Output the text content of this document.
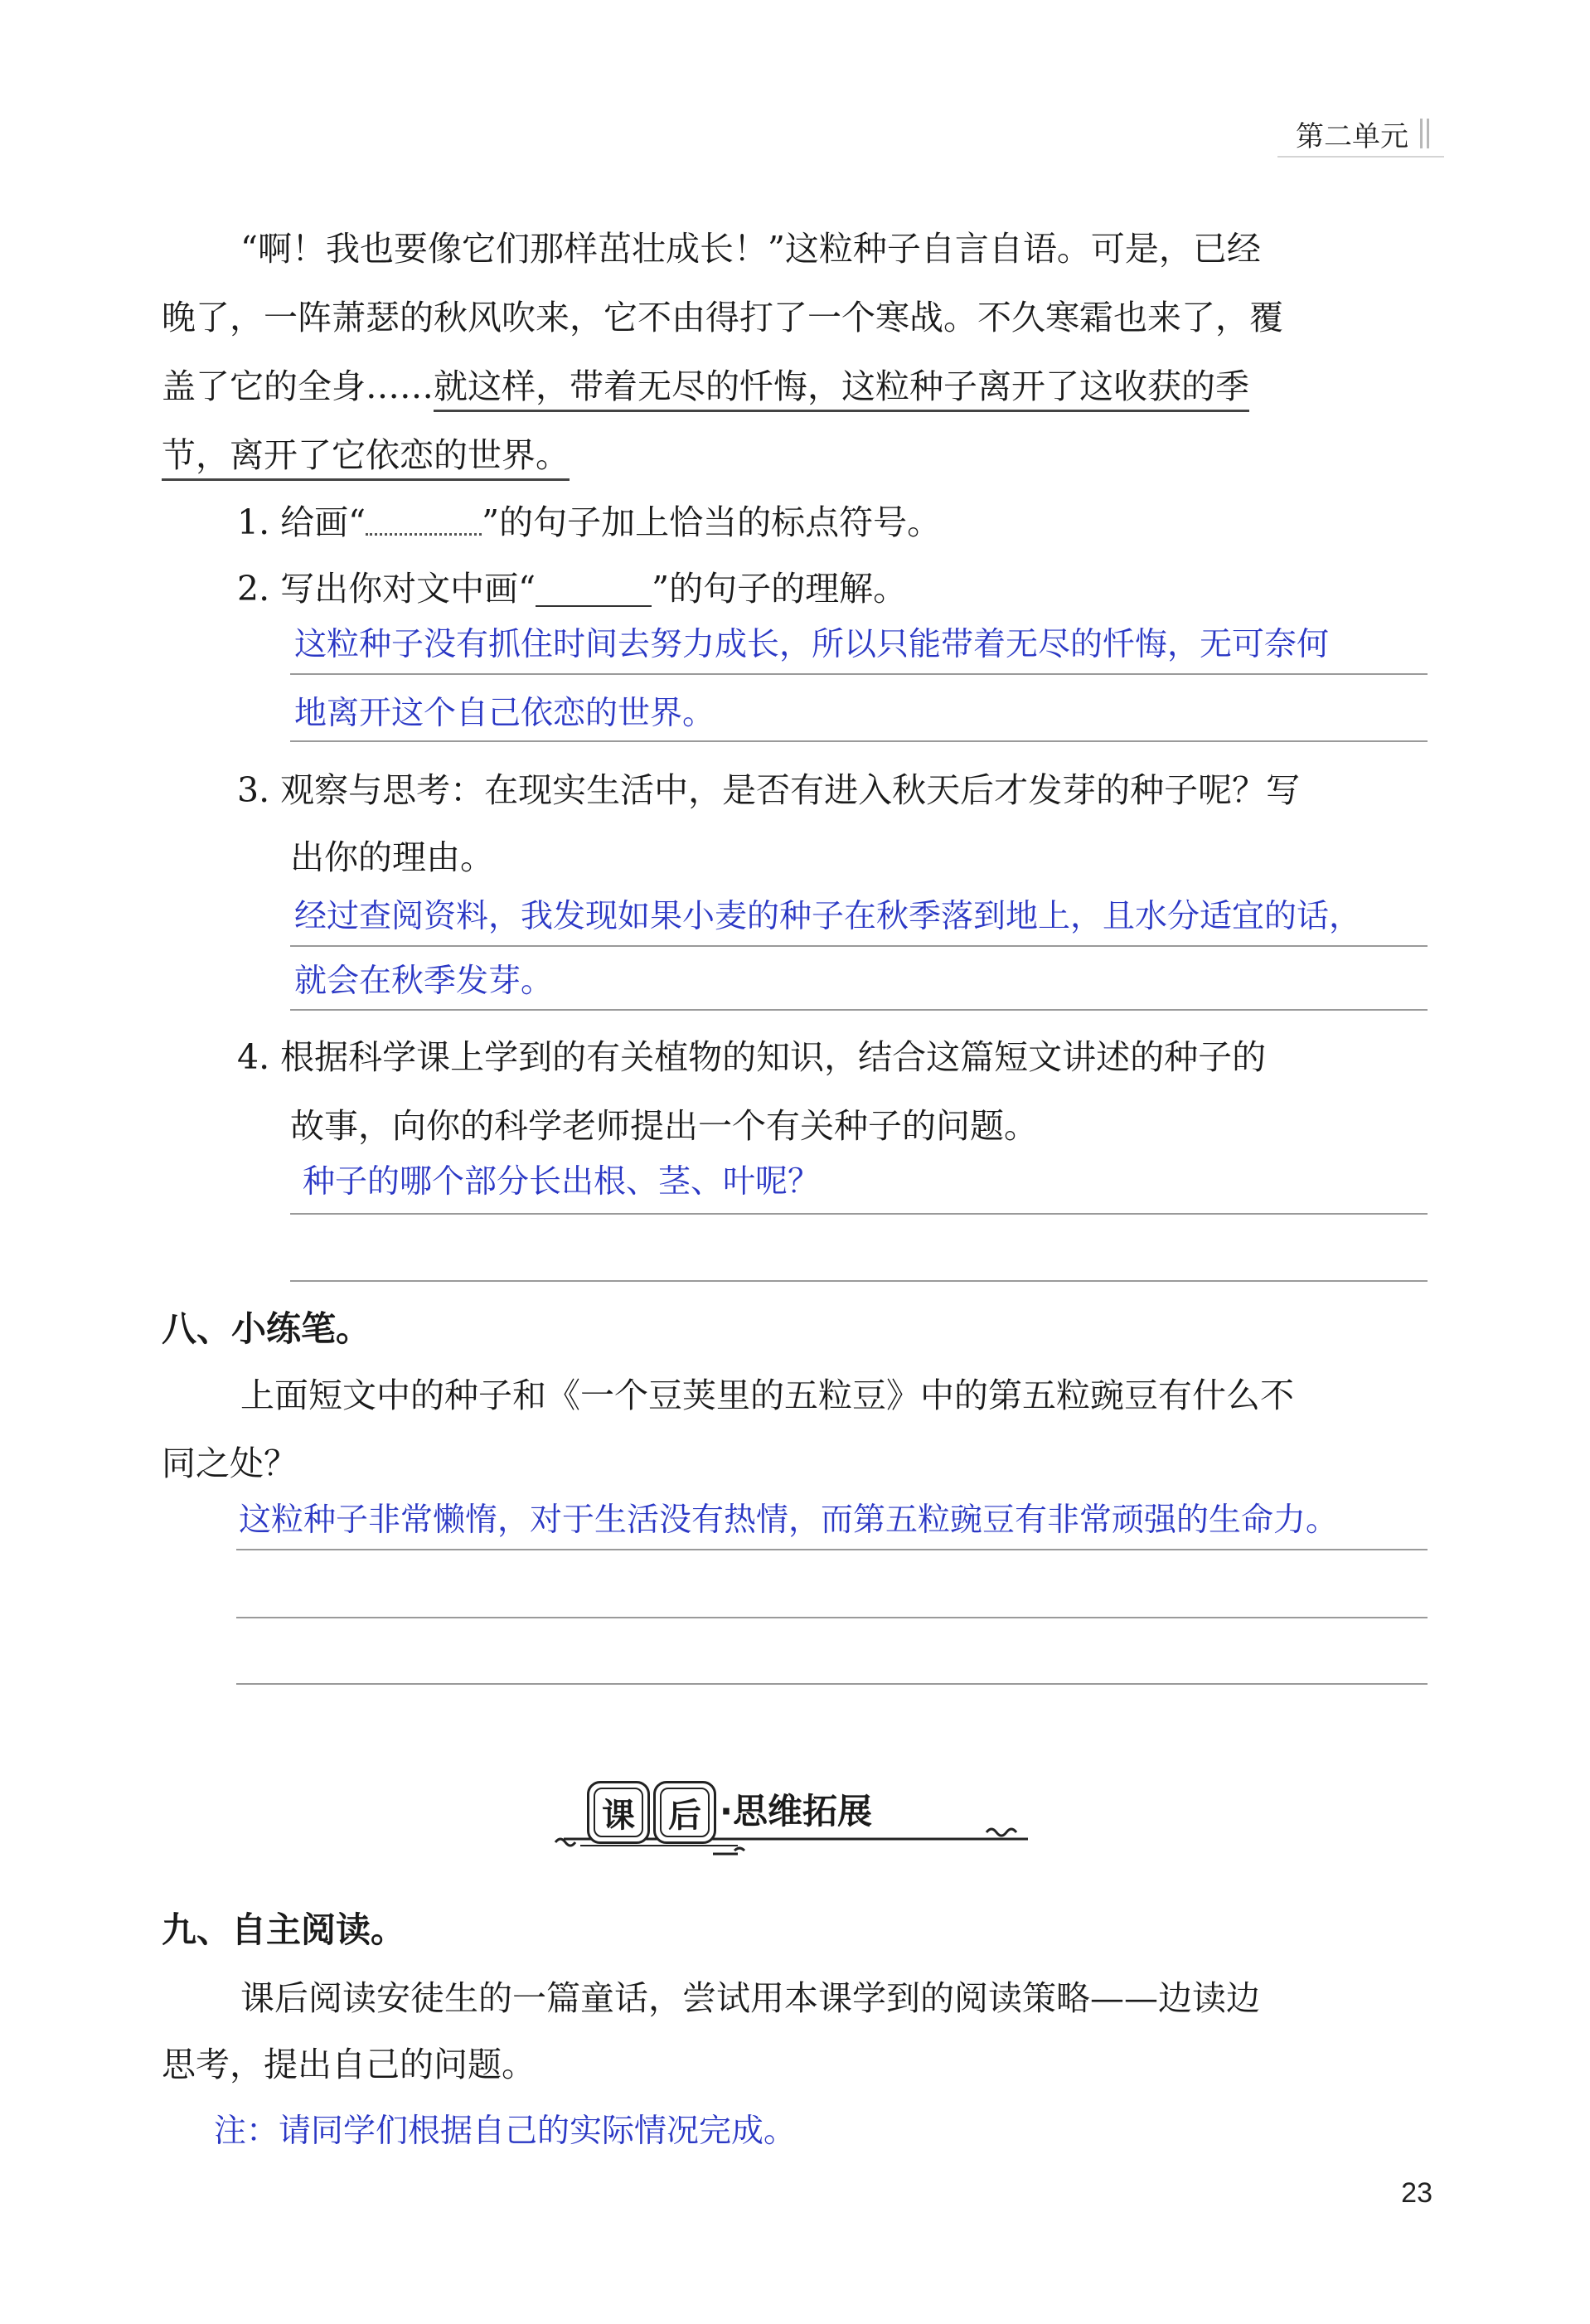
第二单元
“啊！我也要像它们那样茁壮成长！”这粒种子自言自语。可是，已经
晚了，一阵萧瑟的秋风吹来，它不由得打了一个寒战。不久寒霜也来了，覆
盖了它的全身……就这样，带着无尽的忏悔，这粒种子离开了这收获的季
节，离开了它依恋的世界。
1. 给画“	”的句子加上恰当的标点符号。
2. 写出你对文中画“	”的句子的理解。
这粒种子没有抓住时间去努力成长，所以只能带着无尽的忏悔，无可奈何
地离开这个自己依恋的世界。
3. 观察与思考：在现实生活中，是否有进入秋天后才发芽的种子呢？写
出你的理由。
经过查阅资料，我发现如果小麦的种子在秋季落到地上，且水分适宜的话，
就会在秋季发芽。
4. 根据科学课上学到的有关植物的知识，结合这篇短文讲述的种子的
故事，向你的科学老师提出一个有关种子的问题。
种子的哪个部分长出根、茎、叶呢？
八、小练笔。
上面短文中的种子和《一个豆荚里的五粒豆》中的第五粒豌豆有什么不
同之处？
这粒种子非常懒惰，对于生活没有热情，而第五粒豌豆有非常顽强的生命力。
课	后 ·思维拓展
九、自主阅读。
课后阅读安徒生的一篇童话，尝试用本课学到的阅读策略——边读边
思考，提出自己的问题。
注：请同学们根据自己的实际情况完成。
23
